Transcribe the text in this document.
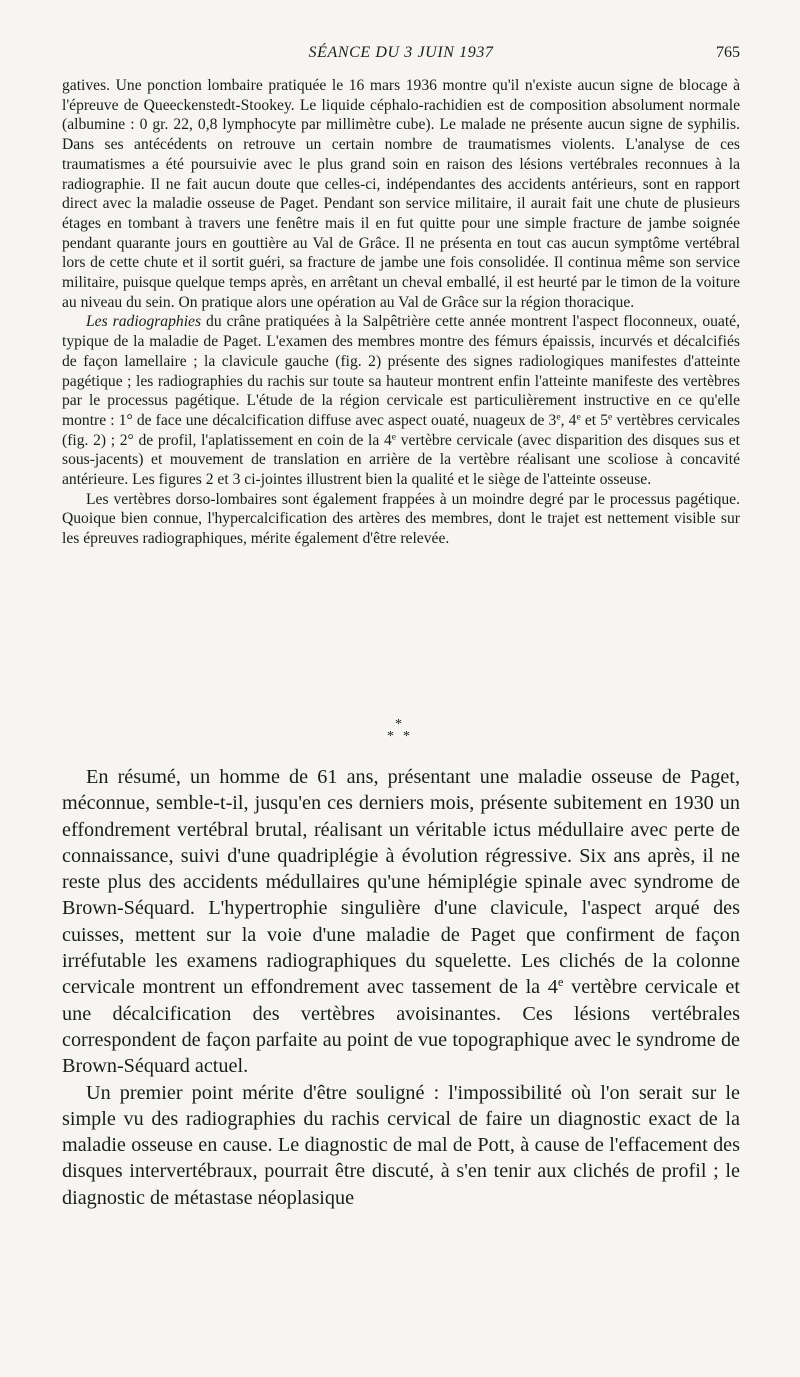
SÉANCE DU 3 JUIN 1937	765

gatives. Une ponction lombaire pratiquée le 16 mars 1936 montre qu'il n'existe aucun signe de blocage à l'épreuve de Queeckenstedt-Stookey. Le liquide céphalo-rachidien est de composition absolument normale (albumine : 0 gr. 22, 0,8 lymphocyte par millimètre cube). Le malade ne présente aucun signe de syphilis. Dans ses antécédents on retrouve un certain nombre de traumatismes violents. L'analyse de ces traumatismes a été poursuivie avec le plus grand soin en raison des lésions vertébrales reconnues à la radiographie. Il ne fait aucun doute que celles-ci, indépendantes des accidents antérieurs, sont en rapport direct avec la maladie osseuse de Paget. Pendant son service militaire, il aurait fait une chute de plusieurs étages en tombant à travers une fenêtre mais il en fut quitte pour une simple fracture de jambe soignée pendant quarante jours en gouttière au Val de Grâce. Il ne présenta en tout cas aucun symptôme vertébral lors de cette chute et il sortit guéri, sa fracture de jambe une fois consolidée. Il continua même son service militaire, puisque quelque temps après, en arrêtant un cheval emballé, il est heurté par le timon de la voiture au niveau du sein. On pratique alors une opération au Val de Grâce sur la région thoracique.

Les radiographies du crâne pratiquées à la Salpêtrière cette année montrent l'aspect floconneux, ouaté, typique de la maladie de Paget. L'examen des membres montre des fémurs épaissis, incurvés et décalcifiés de façon lamellaire ; la clavicule gauche (fig. 2) présente des signes radiologiques manifestes d'atteinte pagétique ; les radiographies du rachis sur toute sa hauteur montrent enfin l'atteinte manifeste des vertèbres par le processus pagétique. L'étude de la région cervicale est particulièrement instructive en ce qu'elle montre : 1° de face une décalcification diffuse avec aspect ouaté, nuageux de 3e, 4e et 5e vertèbres cervicales (fig. 2) ; 2° de profil, l'aplatissement en coin de la 4e vertèbre cervicale (avec disparition des disques sus et sous-jacents) et mouvement de translation en arrière de la vertèbre réalisant une scoliose à concavité antérieure. Les figures 2 et 3 ci-jointes illustrent bien la qualité et le siège de l'atteinte osseuse.

Les vertèbres dorso-lombaires sont également frappées à un moindre degré par le processus pagétique. Quoique bien connue, l'hypercalcification des artères des membres, dont le trajet est nettement visible sur les épreuves radiographiques, mérite également d'être relevée.

*
* *

En résumé, un homme de 61 ans, présentant une maladie osseuse de Paget, méconnue, semble-t-il, jusqu'en ces derniers mois, présente subitement en 1930 un effondrement vertébral brutal, réalisant un véritable ictus médullaire avec perte de connaissance, suivi d'une quadriplégie à évolution régressive. Six ans après, il ne reste plus des accidents médullaires qu'une hémiplégie spinale avec syndrome de Brown-Séquard. L'hypertrophie singulière d'une clavicule, l'aspect arqué des cuisses, mettent sur la voie d'une maladie de Paget que confirment de façon irréfutable les examens radiographiques du squelette. Les clichés de la colonne cervicale montrent un effondrement avec tassement de la 4e vertèbre cervicale et une décalcification des vertèbres avoisinantes. Ces lésions vertébrales correspondent de façon parfaite au point de vue topographique avec le syndrome de Brown-Séquard actuel.

Un premier point mérite d'être souligné : l'impossibilité où l'on serait sur le simple vu des radiographies du rachis cervical de faire un diagnostic exact de la maladie osseuse en cause. Le diagnostic de mal de Pott, à cause de l'effacement des disques intervertébraux, pourrait être discuté, à s'en tenir aux clichés de profil ; le diagnostic de métastase néoplasique
